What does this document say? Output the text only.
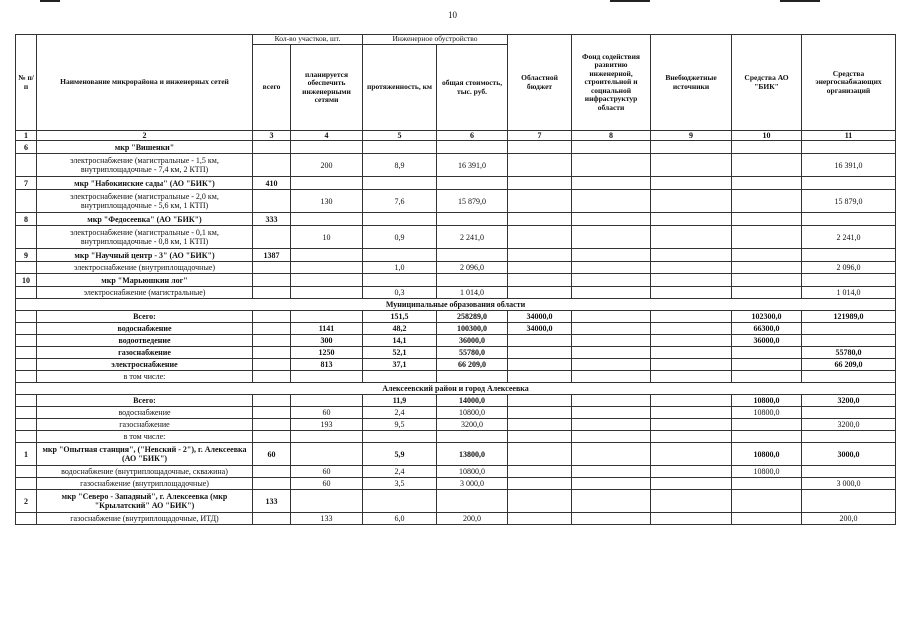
10
№ п/п	Наименование микрорайона и инженерных сетей	Кол-во участков, шт.		Инженерное обустройство		Областной бюджет	Фонд содействия развитию инженерной, строительной и социальной инфраструктур области	Внебюджетные источники	Средства АО "БИК"	Средства энергоснабжающих организаций
		всего	планируется обеспечить инженерными сетями	протяженность, км	общая стоимость, тыс. руб.					
1	2	3	4	5	6	7	8	9	10	11
6	мкр "Вишенки"									
	электроснабжение (магистральные - 1,5 км, внутриплощадочные - 7,4 км, 2 КТП)		200	8,9	16 391,0					16 391,0
7	мкр "Набокинские сады" (АО "БИК")	410								
	электроснабжение (магистральные - 2,0 км, внутриплощадочные - 5,6 км, 1 КТП)		130	7,6	15 879,0					15 879,0
8	мкр "Федосеевка" (АО "БИК")	333								
	электроснабжение (магистральные - 0,1 км, внутриплощадочные - 0,8 км, 1 КТП)		10	0,9	2 241,0					2 241,0
9	мкр "Научный центр - 3" (АО "БИК")	1387								
	электроснабжение (внутриплощадочные)			1,0	2 096,0					2 096,0
10	мкр "Марьюшкин лог"									
	электроснабжение (магистральные)			0,3	1 014,0					1 014,0
Муниципальные образования области										
	Всего:			151,5	258289,0	34000,0			102300,0	121989,0
	водоснабжение		1141	48,2	100300,0	34000,0			66300,0	
	водоотведение		300	14,1	36000,0				36000,0	
	газоснабжение		1250	52,1	55780,0					55780,0
	электроснабжение		813	37,1	66 209,0					66 209,0
	в том числе:									
Алексеевский район и город Алексеевка										
	Всего:			11,9	14000,0				10800,0	3200,0
	водоснабжение		60	2,4	10800,0				10800,0	
	газоснабжение		193	9,5	3200,0					3200,0
	в том числе:									
1	мкр "Опытная станция", ("Невский - 2"), г. Алексеевка (АО "БИК")	60		5,9	13800,0				10800,0	3000,0
	водоснабжение (внутриплощадочные, скважина)		60	2,4	10800,0				10800,0	
	газоснабжение (внутриплощадочные)		60	3,5	3 000,0					3 000,0
2	мкр "Северо - Западный", г. Алексеевка (мкр "Крылатский" АО "БИК")	133								
	газоснабжение (внутриплощадочные, ИТД)		133	6,0	200,0					200,0
